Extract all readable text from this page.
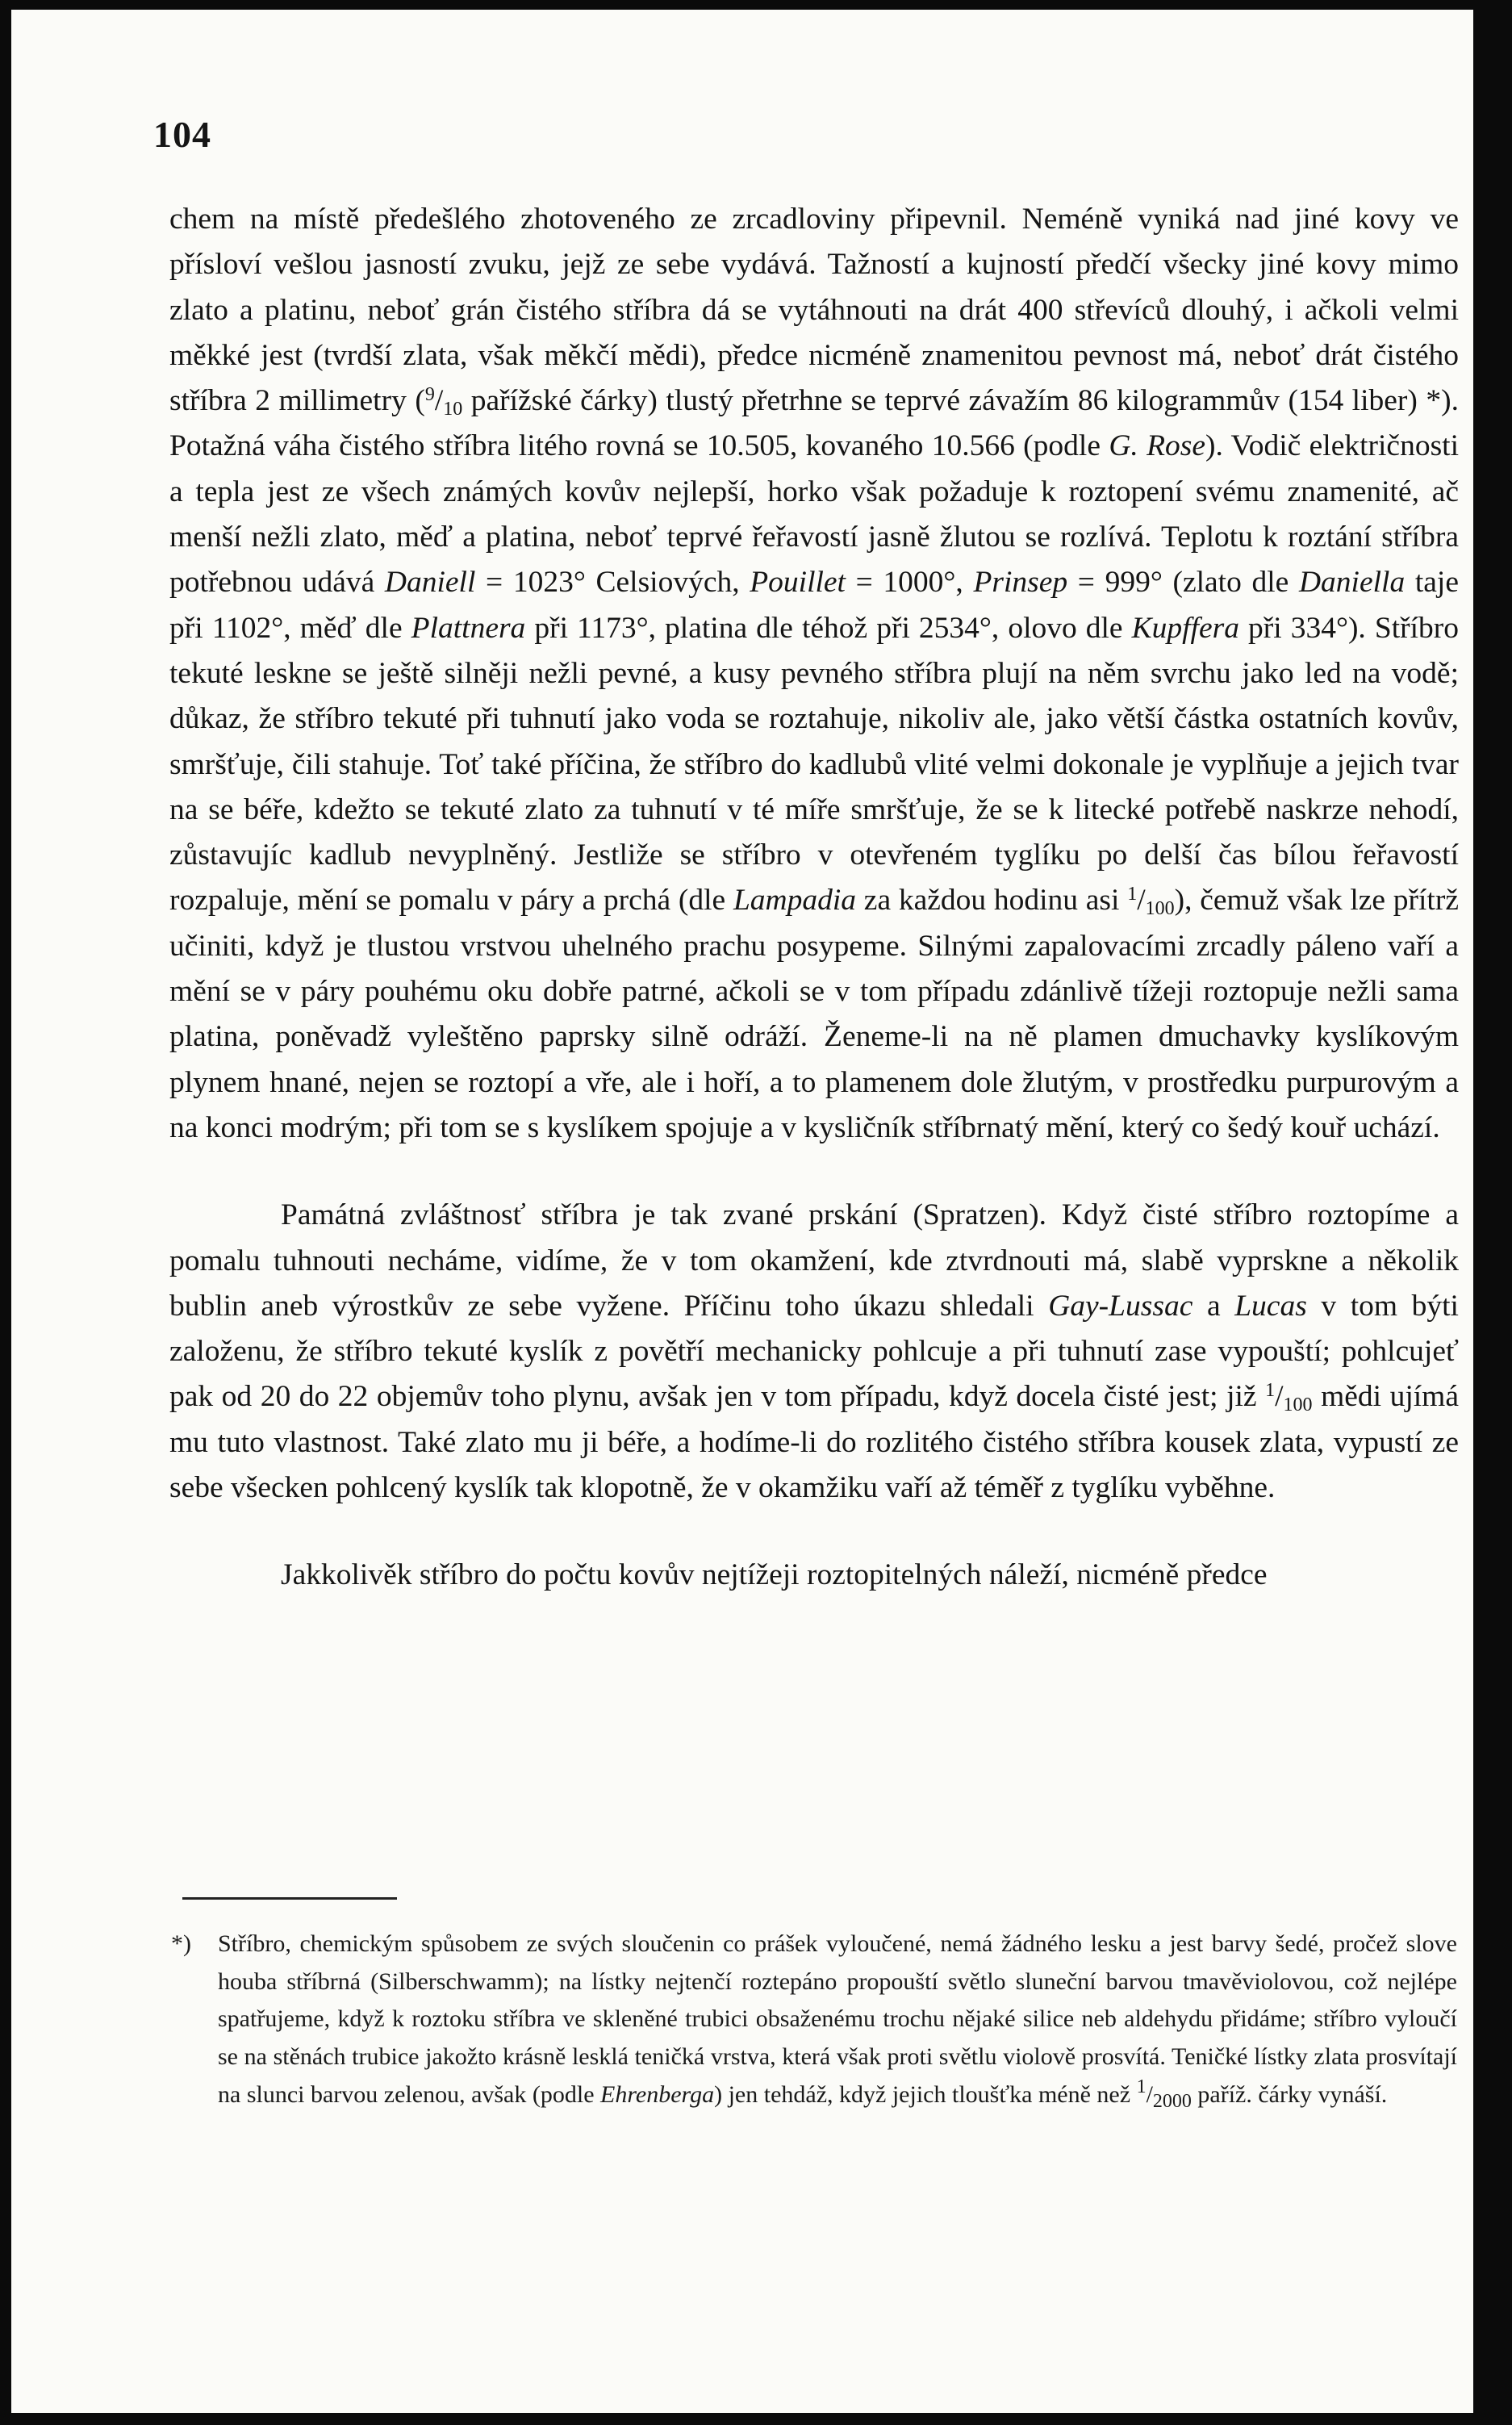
104

chem na místě předešlého zhotoveného ze zrcadloviny připevnil. Neméně vyniká nad jiné kovy ve přísloví vešlou jasností zvuku, jejž ze sebe vydává. Tažností a kujností předčí všecky jiné kovy mimo zlato a platinu, neboť grán čistého stříbra dá se vytáhnouti na drát 400 střevíců dlouhý, i ačkoli velmi měkké jest (tvrdší zlata, však měkčí mědi), předce nicméně znamenitou pevnost má, neboť drát čistého stříbra 2 millimetry ($^9/_{10}$ pařížské čárky) tlustý přetrhne se teprvé závažím 86 kilogrammův (154 liber) *). Potažná váha čistého stříbra litého rovná se 10.505, kovaného 10.566 (podle G. Rose). Vodič električnosti a tepla jest ze všech známých kovův nejlepší, horko však požaduje k roztopení svému znamenité, ač menší nežli zlato, měď a platina, neboť teprvé řeřavostí jasně žlutou se rozlívá. Teplotu k roztání stříbra potřebnou udává Daniell = 1023° Celsiových, Pouillet = 1000°, Prinsep = 999° (zlato dle Daniella taje při 1102°, měď dle Plattnera při 1173°, platina dle téhož při 2534°, olovo dle Kupffera při 334°). Stříbro tekuté leskne se ještě silněji nežli pevné, a kusy pevného stříbra plují na něm svrchu jako led na vodě; důkaz, že stříbro tekuté při tuhnutí jako voda se roztahuje, nikoliv ale, jako větší částka ostatních kovův, smršťuje, čili stahuje. Toť také příčina, že stříbro do kadlubů vlité velmi dokonale je vyplňuje a jejich tvar na se béře, kdežto se tekuté zlato za tuhnutí v té míře smršťuje, že se k litecké potřebě naskrze nehodí, zůstavujíc kadlub nevyplněný. Jestliže se stříbro v otevřeném tyglíku po delší čas bílou řeřavostí rozpaluje, mění se pomalu v páry a prchá (dle Lampadia za každou hodinu asi $^1/_{100}$), čemuž však lze přítrž učiniti, když je tlustou vrstvou uhelného prachu posypeme. Silnými zapalovacími zrcadly páleno vaří a mění se v páry pouhému oku dobře patrné, ačkoli se v tom případu zdánlivě tížeji roztopuje nežli sama platina, poněvadž vyleštěno paprsky silně odráží. Ženeme-li na ně plamen dmuchavky kyslíkovým plynem hnané, nejen se roztopí a vře, ale i hoří, a to plamenem dole žlutým, v prostředku purpurovým a na konci modrým; při tom se s kyslíkem spojuje a v kysličník stříbrnatý mění, který co šedý kouř uchází.

Památná zvláštnosť stříbra je tak zvané prskání (Spratzen). Když čisté stříbro roztopíme a pomalu tuhnouti necháme, vidíme, že v tom okamžení, kde ztvrdnouti má, slabě vyprskne a několik bublin aneb výrostkův ze sebe vyžene. Příčinu toho úkazu shledali Gay-Lussac a Lucas v tom býti založenu, že stříbro tekuté kyslík z povětří mechanicky pohlcuje a při tuhnutí zase vypouští; pohlcujeť pak od 20 do 22 objemův toho plynu, avšak jen v tom případu, když docela čisté jest; již $^1/_{100}$ mědi ujímá mu tuto vlastnost. Také zlato mu ji béře, a hodíme-li do rozlitého čistého stříbra kousek zlata, vypustí ze sebe všecken pohlcený kyslík tak klopotně, že v okamžiku vaří až téměř z tyglíku vyběhne.

Jakkolivěk stříbro do počtu kovův nejtížeji roztopitelných náleží, nicméně předce

*) Stříbro, chemickým spůsobem ze svých sloučenin co prášek vyloučené, nemá žádného lesku a jest barvy šedé, pročež slove houba stříbrná (Silberschwamm); na lístky nejtenčí roztepáno propouští světlo sluneční barvou tmavěviolovou, což nejlépe spatřujeme, když k roztoku stříbra ve skleněné trubici obsaženému trochu nějaké silice neb aldehydu přidáme; stříbro vyloučí se na stěnách trubice jakožto krásně lesklá teničká vrstva, která však proti světlu violově prosvítá. Teničké lístky zlata prosvítají na slunci barvou zelenou, avšak (podle Ehrenberga) jen tehdáž, když jejich tloušťka méně než $^1/_{2000}$ paříž. čárky vynáší.
